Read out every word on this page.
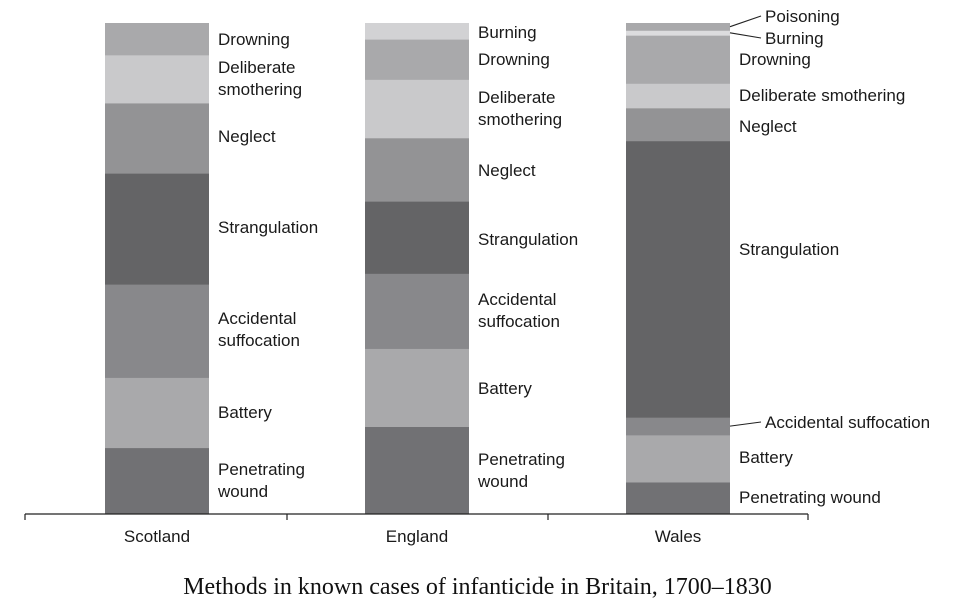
Penetrating wound
Battery
Accidental suffocation
Strangulation
Neglect
Deliberate smothering
Drowning
Penetrating wound
Battery
Accidental suffocation
Strangulation
Neglect
Deliberate smothering
Drowning
Burning
Penetrating wound
Battery
Accidental suffocation
Strangulation
Neglect
Deliberate smothering
Drowning
Burning
Poisoning
Scotland	England	Wales

Methods in known cases of infanticide in Britain, 1700–1830
